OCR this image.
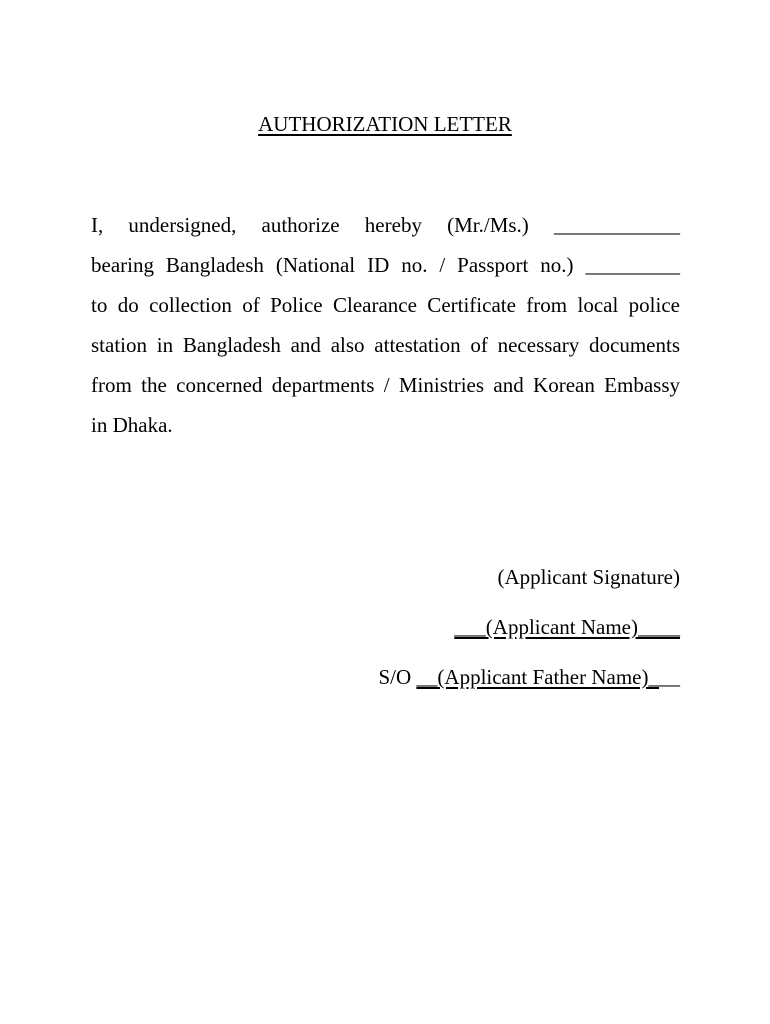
AUTHORIZATION LETTER
I, undersigned, authorize hereby (Mr./Ms.) ____________
bearing Bangladesh (National ID no. / Passport no.) _________
to do collection of Police Clearance Certificate from local police
station in Bangladesh and also attestation of necessary documents
from the concerned departments / Ministries and Korean Embassy
in Dhaka.
(Applicant Signature)
___(Applicant Name)____
S/O __(Applicant Father Name)___
